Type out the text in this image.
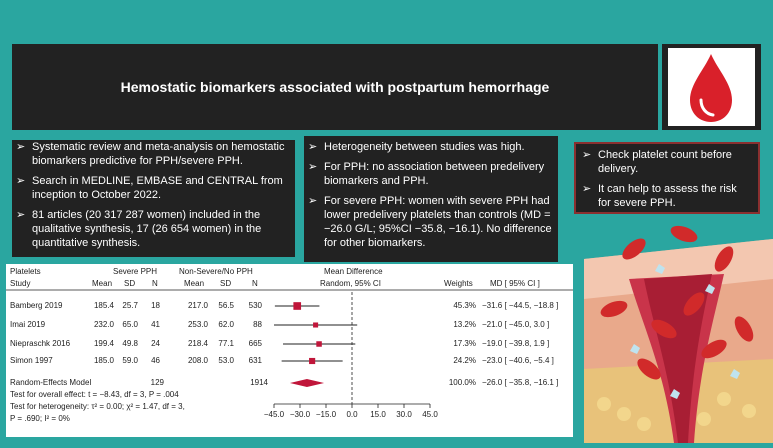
Hemostatic biomarkers associated with postpartum hemorrhage
➢ Systematic review and meta-analysis on hemostatic biomarkers predictive for PPH/severe PPH.
➢ Search in MEDLINE, EMBASE and CENTRAL from inception to October 2022.
➢ 81 articles (20 317 287 women) included in the qualitative synthesis, 17 (26 654 women) in the quantitative synthesis.
➢ Heterogeneity between studies was high.
➢ For PPH: no association between predelivery biomarkers and PPH.
➢ For severe PPH: women with severe PPH had lower predelivery platelets than controls (MD = −26.0 G/L; 95%CI −35.8, −16.1). No difference for other biomarkers.
➢ Check platelet count before delivery.
➢ It can help to assess the risk for severe PPH.
Platelets	Severe PPH	Non-Severe/No PPH	Mean Difference
Study	Mean SD N	Mean SD	N	Random, 95% CI	Weights MD [ 95% CI ]
Bamberg 2019	185.4	25.7	18	217.0	56.5	530	45.3% −31.6 [ −44.5, −18.8 ]
Imai 2019	232.0	65.0	41	253.0	62.0	88	13.2% −21.0 [ −45.0, 3.0 ]
Niepraschk 2016	199.4	49.8	24	218.4	77.1	665	17.3% −19.0 [ −39.8, 1.9 ]
Simon 1997	185.0	59.0	46	208.0	53.0	631	24.2% −23.0 [ −40.6, −5.4 ]
Random-Effects Model	129	1914	100.0% −26.0 [ −35.8, −16.1 ]
Test for overall effect: t = −8.43, df = 3, P = .004
Test for heterogeneity: τ² = 0.00; χ² = 1.47, df = 3,
P = .690; I² = 0%	−45.0 −30.0 −15.0 0.0 15.0 30.0 45.0
